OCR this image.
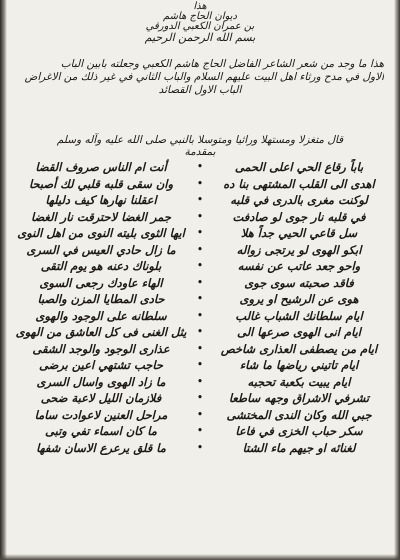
هذا
ديوان الحاج هاشم
بن عمران الكعبي الدورقي
بسم الله الرحمن الرحيم
هذا ما وجد من شعر الشاعر الفاضل الحاج هاشم الكعبي وجعلته بابين الباب
الاول في مدح ورثاء اهل البيت عليهم السلام والباب الثاني في غير ذلك من الاغراض
الباب الاول القصائد
قال متغزلا ومستهلا وراثيا ومتوسلا بالنبي صلى الله عليه وآله وسلم
بمقدمة
باباً رقاع الحي اعلى الحمى
•
أنت ام الناس صروف القضا
اهدى الى القلب المشتهى بنا ده
•
وان سقى قلبه قلبي لك أصبحا
لوكنت مغرى بالدرى في قلبه
•
اعقلنا نهارها كيف دليلها
في قلبه نار جوى لو صادفت
•
جمر الغضا لاحترقت نار الغضا
سل قاعي الحيي جداً هلا
•
ايها الثوى بليته النوى من اهل النوى
ابكو الهوى لو يرتجى زواله
•
ما زال حادي العيس في السرى
واحو جعد عاتب عن نفسه
•
بلوناك دعنه هو يوم التقى
فاقد صحبته سوى جوى
•
الهاء عاودك رجعى السوى
هوى عن الرشيح او يروى
•
حادى المطايا المزن والصبا
ايام سلطانك الشباب غالب
•
سلطانه على الوجود والهوى
ايام انى الهوى صرعها الى
•
يثل الغنى فى كل العاشق من الهوى
ايام من يصطفى العذارى شاخص
•
عذارى الوجود والوجد الشقى
ايام تاتيني رياضها ما شاء
•
حاجب تشتهي اعين برضى
ايام يبيت بكعبة تحجبه
•
ما زاد الهوى واسال السرى
تشرفي الاشراق وجهه ساطعا
•
فلازمان الليل لاعبة ضحى
جبي الله وكان الندى المختشى
•
مراحل العنين لاعوادت ساما
سكر حباب الخزى في فاعا
•
ما كان اسماء تفي وتبى
لغنائه او جيهم ماء الشتا
•
ما قلق يرعرع الاسان شفها
